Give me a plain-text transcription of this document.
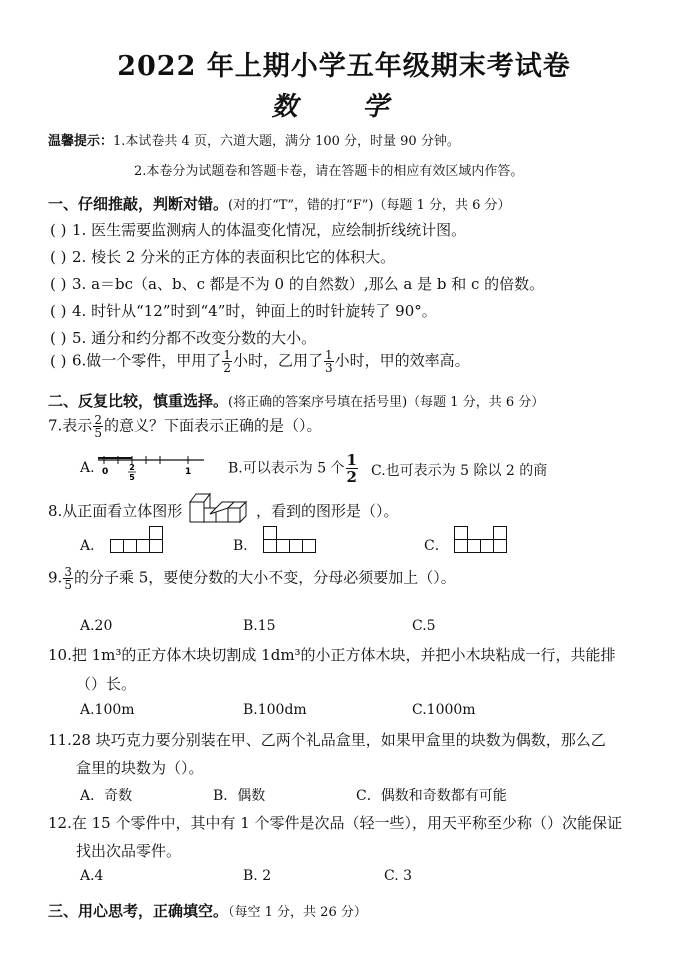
2022 年上期小学五年级期末考试卷
数 学
温馨提示：1.本试卷共 4 页，六道大题，满分 100 分，时量 90 分钟。
2.本卷分为试题卷和答题卡卷，请在答题卡的相应有效区域内作答。
一、仔细推敲，判断对错。(对的打“T”，错的打“F”)（每题 1 分，共 6 分）
( ) 1. 医生需要监测病人的体温变化情况，应绘制折线统计图。
( ) 2. 棱长 2 分米的正方体的表面积比它的体积大。
( ) 3. a＝bc（a、b、c 都是不为 0 的自然数）,那么 a 是 b 和 c 的倍数。
( ) 4. 时针从“12”时到“4”时，钟面上的时针旋转了 90°。
( ) 5. 通分和约分都不改变分数的大小。
( ) 6.做一个零件，甲用了 $\frac{1}{2}$ 小时，乙用了 $\frac{1}{3}$ 小时，甲的效率高。
二、反复比较，慎重选择。(将正确的答案序号填在括号里)（每题 1 分，共 6 分）
7.表示 $\frac{2}{5}$ 的意义？下面表示正确的是（）。
A. 0	2
5
1	B.可以表示为 5 个 $\frac{1}{2} C$.也可表示为 5 除以 2 的商
8.从正面看立体图形	，看到的图形是（）。
A．	B．	C．
9. $\frac{3}{5}$ 的分子乘 5，要使分数的大小不变，分母必须要加上（）。
A.20	B.15	C.5
10.把 1m³的正方体木块切割成 1dm³的小正方体木块，并把小木块粘成一行，共能排
（）长。
A.100m	B.100dm	C.1000m
11.28 块巧克力要分别装在甲、乙两个礼品盒里，如果甲盒里的块数为偶数，那么乙
盒里的块数为（）。
A．奇数	B．偶数	C．偶数和奇数都有可能
12.在 15 个零件中，其中有 1 个零件是次品（轻一些），用天平称至少称（）次能保证
找出次品零件。
A.4	B. 2	C. 3
三、用心思考，正确填空。（每空 1 分，共 26 分）
